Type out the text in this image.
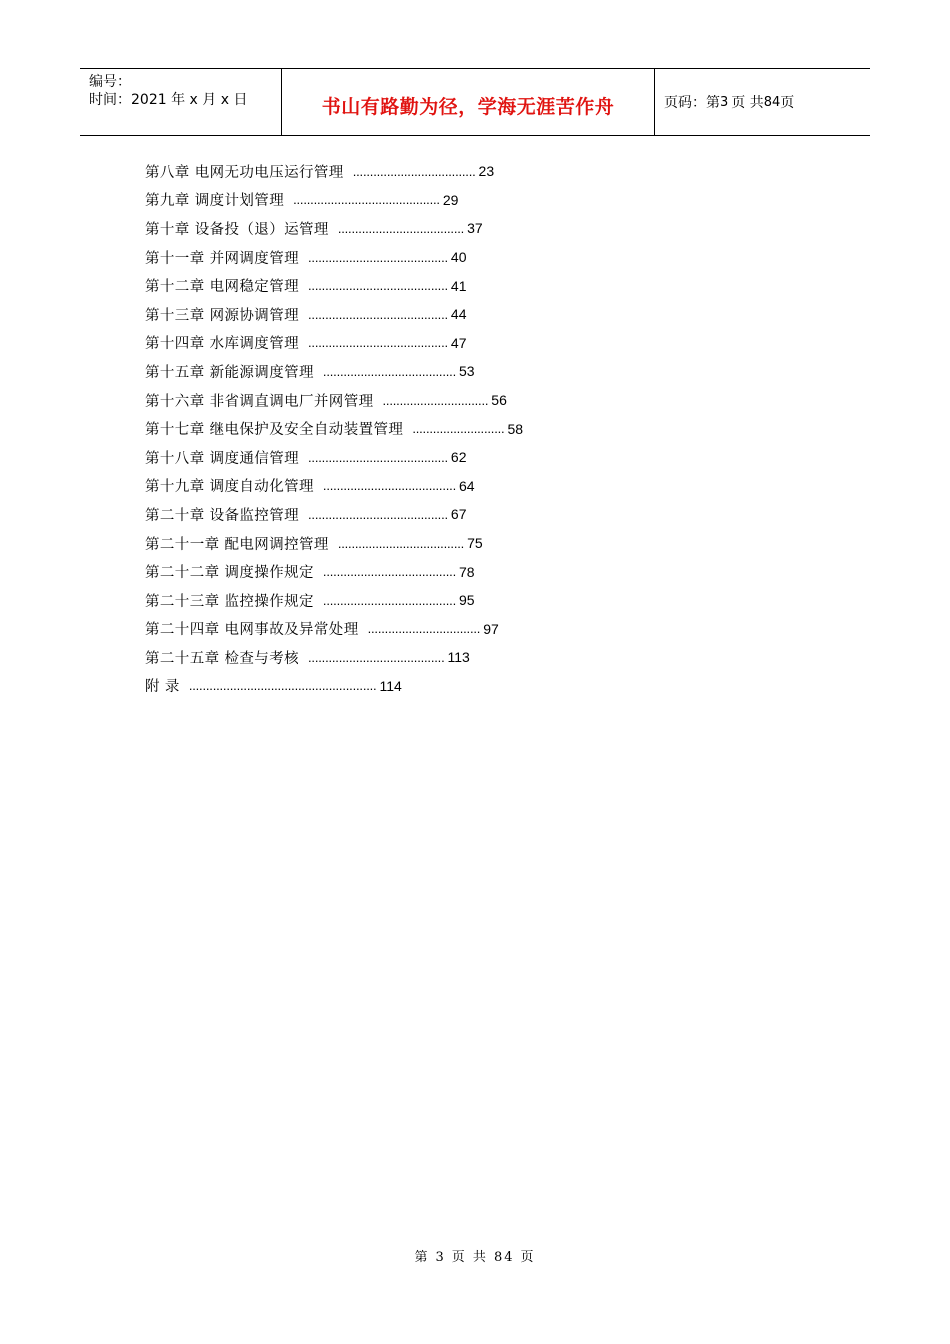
编号：
时间：2021 年 x 月 x 日	书山有路勤为径，学海无涯苦作舟	页码：第 3 页 共 84 页
第八章 电网无功电压运行管理 .................................... 23
第九章 调度计划管理 ........................................... 29
第十章 设备投（退）运管理 ..................................... 37
第十一章 并网调度管理 ......................................... 40
第十二章 电网稳定管理 ......................................... 41
第十三章 网源协调管理 ......................................... 44
第十四章 水库调度管理 ......................................... 47
第十五章 新能源调度管理 ....................................... 53
第十六章 非省调直调电厂并网管理 ............................... 56
第十七章 继电保护及安全自动装置管理 ........................... 58
第十八章 调度通信管理 ......................................... 62
第十九章 调度自动化管理 ....................................... 64
第二十章 设备监控管理 ......................................... 67
第二十一章 配电网调控管理 ..................................... 75
第二十二章 调度操作规定 ....................................... 78
第二十三章 监控操作规定 ....................................... 95
第二十四章 电网事故及异常处理 ................................. 97
第二十五章 检查与考核 ........................................ 113
附 录 ....................................................... 114
第 3 页 共 84 页
